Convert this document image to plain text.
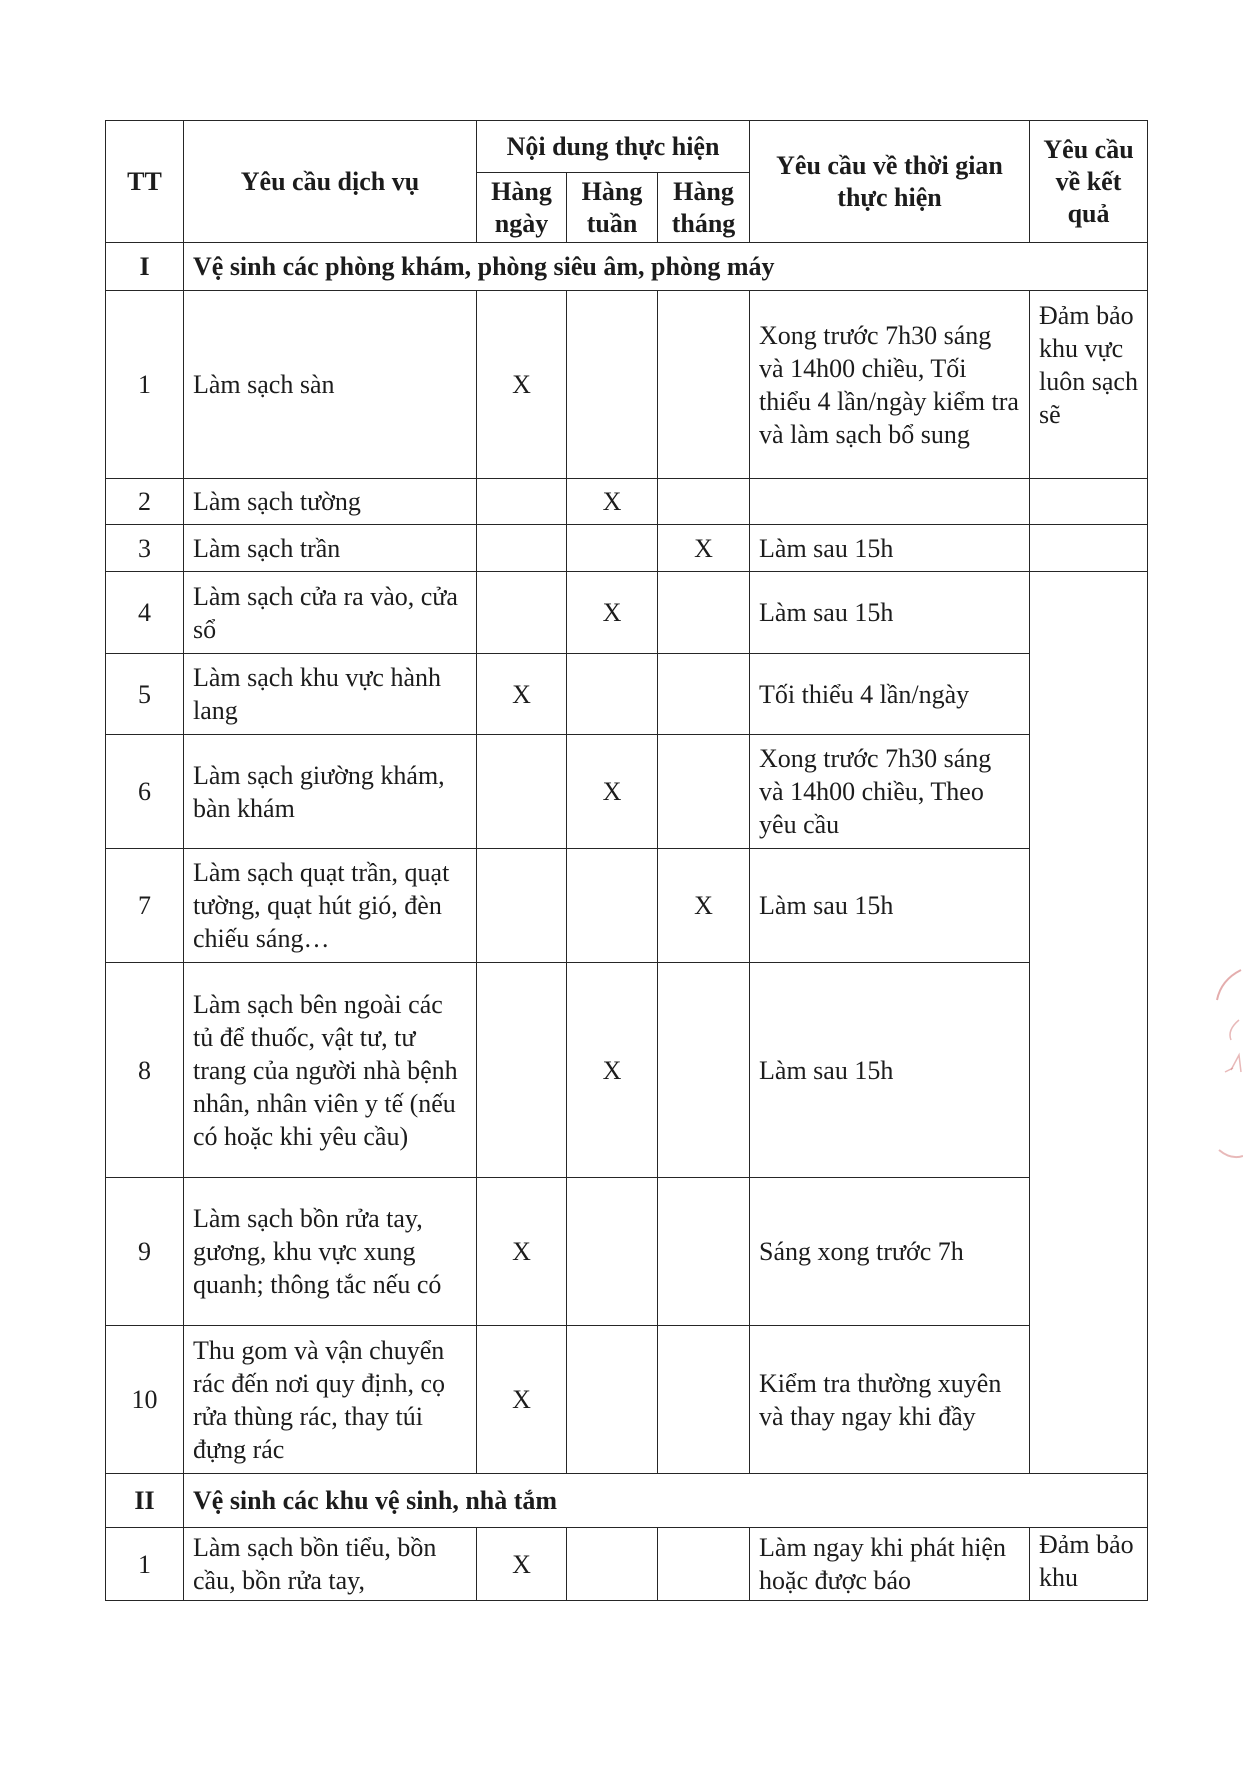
TT	Yêu cầu dịch vụ	Nội dung thực hiện			Yêu cầu về thời gian thực hiện	Yêu cầu về kết quả
		Hàng ngày	Hàng tuần	Hàng tháng		
I	Vệ sinh các phòng khám, phòng siêu âm, phòng máy					
1	Làm sạch sàn	X			Xong trước 7h30 sáng và 14h00 chiều, Tối thiểu 4 lần/ngày kiểm tra và làm sạch bổ sung	Đảm bảo khu vực luôn sạch sẽ
2	Làm sạch tường		X			
3	Làm sạch trần			X	Làm sau 15h	
4	Làm sạch cửa ra vào, cửa sổ		X		Làm sau 15h	
5	Làm sạch khu vực hành lang	X			Tối thiểu 4 lần/ngày	
6	Làm sạch giường khám, bàn khám		X		Xong trước 7h30 sáng và 14h00 chiều, Theo yêu cầu	
7	Làm sạch quạt trần, quạt tường, quạt hút gió, đèn chiếu sáng…			X	Làm sau 15h	
8	Làm sạch bên ngoài các tủ để thuốc, vật tư, tư trang của người nhà bệnh nhân, nhân viên y tế (nếu có hoặc khi yêu cầu)		X		Làm sau 15h	
9	Làm sạch bồn rửa tay, gương, khu vực xung quanh; thông tắc nếu có	X			Sáng xong trước 7h	
10	Thu gom và vận chuyển rác đến nơi quy định, cọ rửa thùng rác, thay túi đựng rác	X			Kiểm tra thường xuyên và thay ngay khi đầy	
II	Vệ sinh các khu vệ sinh, nhà tắm					
1	Làm sạch bồn tiểu, bồn cầu, bồn rửa tay,	X			Làm ngay khi phát hiện hoặc được báo	Đảm bảo khu
